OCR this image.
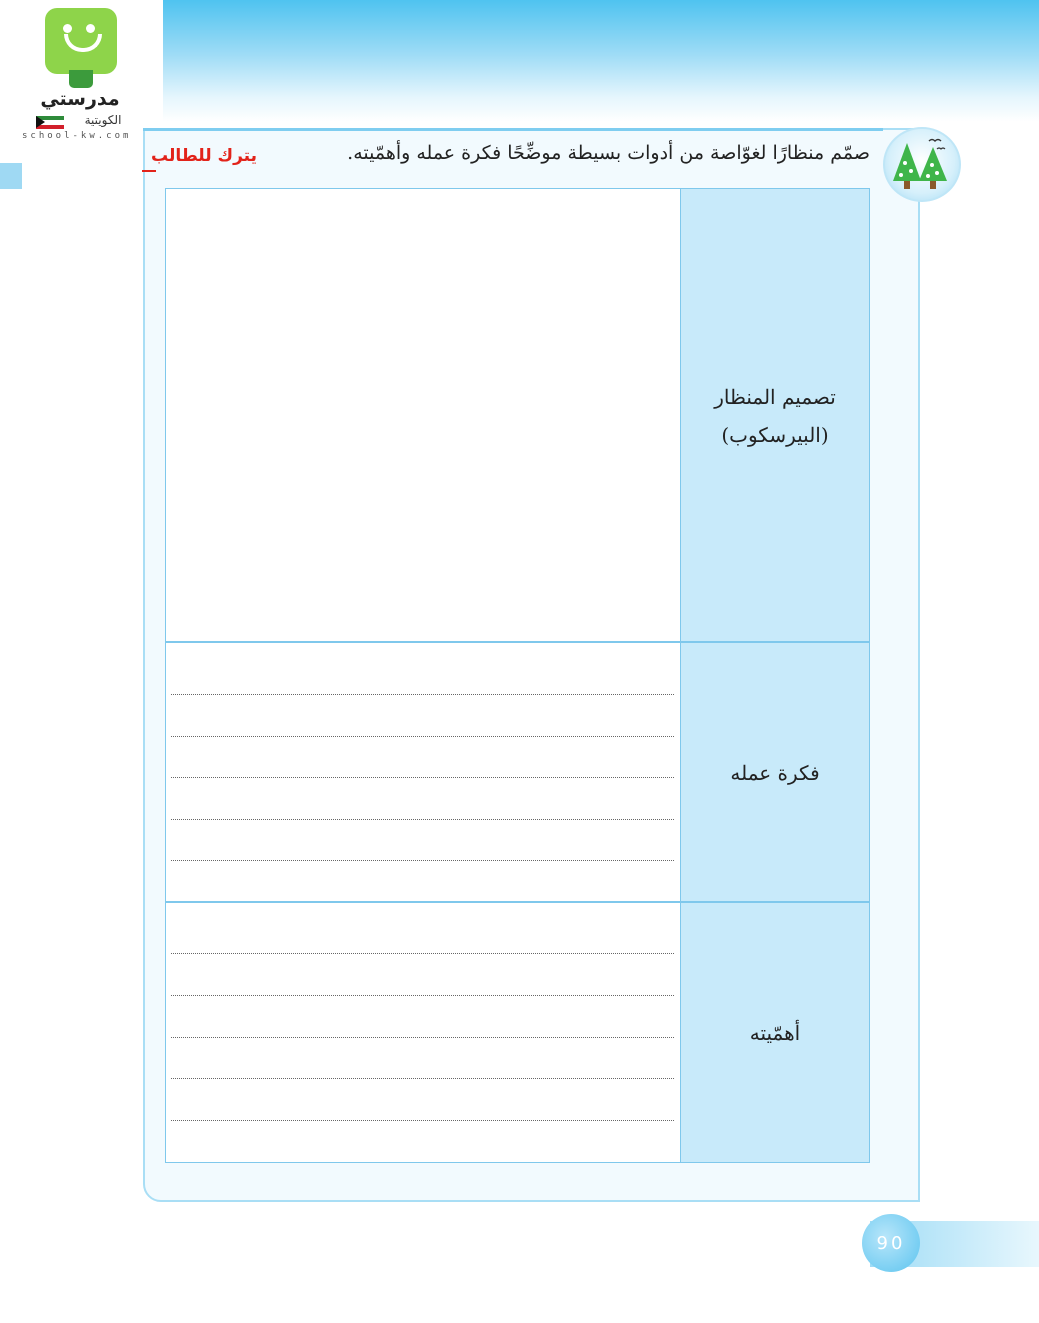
مدرستي
الكويتية
school-kw.com
صمّم منظارًا لغوّاصة من أدوات بسيطة موضِّحًا فكرة عمله وأهمّيته.
يترك للطالب
تصميم المنظار
(البيرسكوب)
فكرة عمله
أهمّيته
90
